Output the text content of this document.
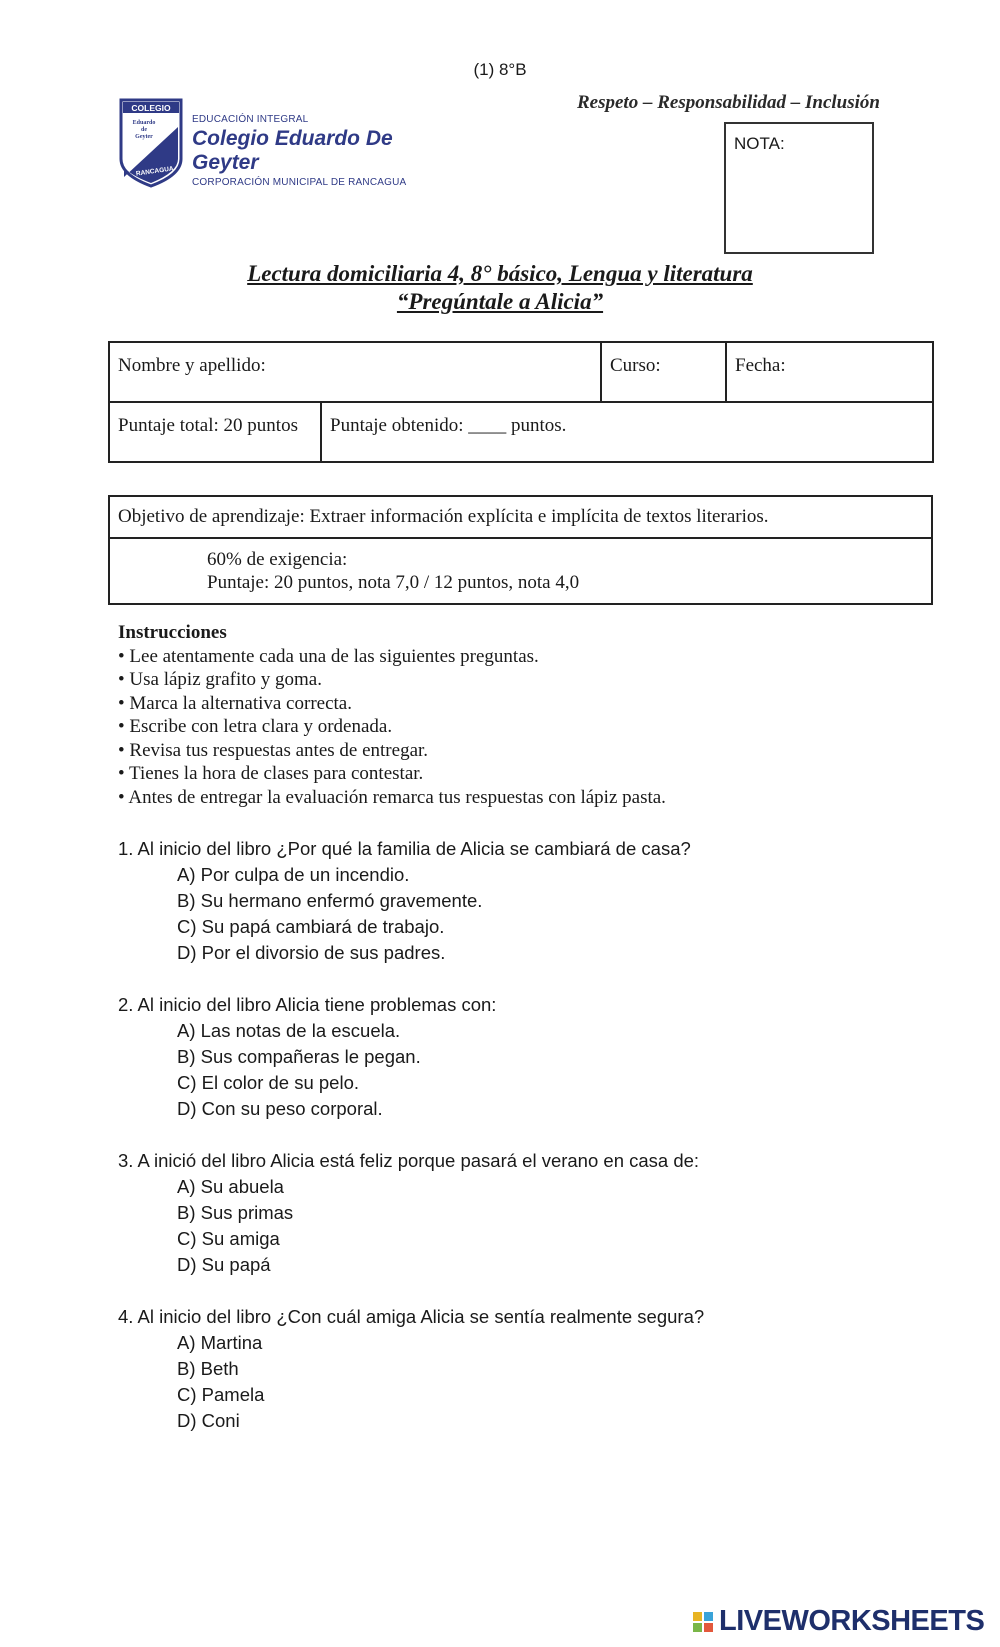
(1) 8°B
Respeto – Responsabilidad – Inclusión
COLEGIO
Eduardo
de
Geyter
RANCAGUA
EDUCACIÓN INTEGRAL
Colegio Eduardo De Geyter
CORPORACIÓN MUNICIPAL DE RANCAGUA
NOTA:
Lectura domiciliaria 4, 8° básico, Lengua y literatura
“Pregúntale a Alicia”
Nombre y apellido:		Curso:	Fecha:
Puntaje total: 20 puntos	Puntaje obtenido: ____ puntos.		
Objetivo de aprendizaje: Extraer información explícita e implícita de textos literarios.

60% de exigencia:
Puntaje: 20 puntos, nota 7,0 / 12 puntos, nota 4,0
Instrucciones
• Lee atentamente cada una de las siguientes preguntas.
• Usa lápiz grafito y goma.
• Marca la alternativa correcta.
• Escribe con letra clara y ordenada.
• Revisa tus respuestas antes de entregar.
• Tienes la hora de clases para contestar.
• Antes de entregar la evaluación remarca tus respuestas con lápiz pasta.
1. Al inicio del libro ¿Por qué la familia de Alicia se cambiará de casa?
A) Por culpa de un incendio.
B) Su hermano enfermó gravemente.
C) Su papá cambiará de trabajo.
D) Por el divorsio de sus padres.
2. Al inicio del libro Alicia tiene problemas con:
A) Las notas de la escuela.
B) Sus compañeras le pegan.
C) El color de su pelo.
D) Con su peso corporal.
3. A inició del libro Alicia está feliz porque pasará el verano en casa de:
A) Su abuela
B) Sus primas
C) Su amiga
D) Su papá
4. Al inicio del libro ¿Con cuál amiga Alicia se sentía realmente segura?
A) Martina
B) Beth
C) Pamela
D) Coni
LIVEWORKSHEETS
